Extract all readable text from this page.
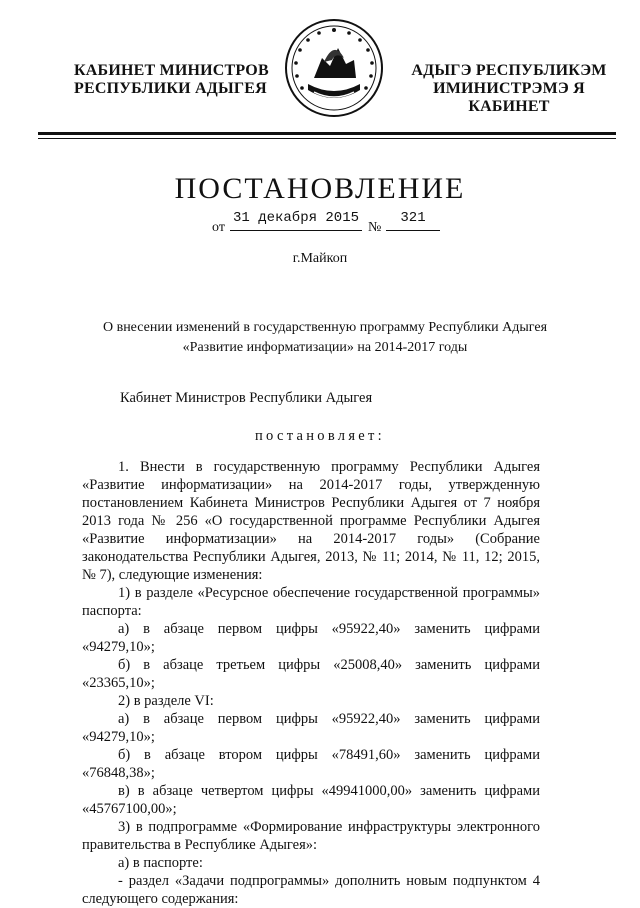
КАБИНЕТ МИНИСТРОВ
РЕСПУБЛИКИ АДЫГЕЯ
АДЫГЭ РЕСПУБЛИКЭМ
ИМИНИСТРЭМЭ Я КАБИНЕТ
ПОСТАНОВЛЕНИЕ
от
31 декабря 2015
№
321
г.Майкоп
О внесении изменений в государственную программу Республики Адыгея
«Развитие информатизации» на 2014-2017 годы
Кабинет Министров Республики Адыгея
постановляет:

1. Внести в государственную программу Республики Адыгея «Развитие информатизации» на 2014-2017 годы, утвержденную постановлением Кабинета Министров Республики Адыгея от 7 ноября 2013 года № 256 «О государственной программе Республики Адыгея «Развитие информатизации» на 2014-2017 годы» (Собрание законодательства Республики Адыгея, 2013, № 11; 2014, № 11, 12; 2015, № 7), следующие изменения:

1) в разделе «Ресурсное обеспечение государственной программы» паспорта:

а) в абзаце первом цифры «95922,40» заменить цифрами «94279,10»;

б) в абзаце третьем цифры «25008,40» заменить цифрами «23365,10»;

2) в разделе VI:

а) в абзаце первом цифры «95922,40» заменить цифрами «94279,10»;

б) в абзаце втором цифры «78491,60» заменить цифрами «76848,38»;

в) в абзаце четвертом цифры «49941000,00» заменить цифрами «45767100,00»;

3) в подпрограмме «Формирование инфраструктуры электронного правительства в Республике Адыгея»:

а) в паспорте:

- раздел «Задачи подпрограммы» дополнить новым подпунктом 4 следующего содержания:
